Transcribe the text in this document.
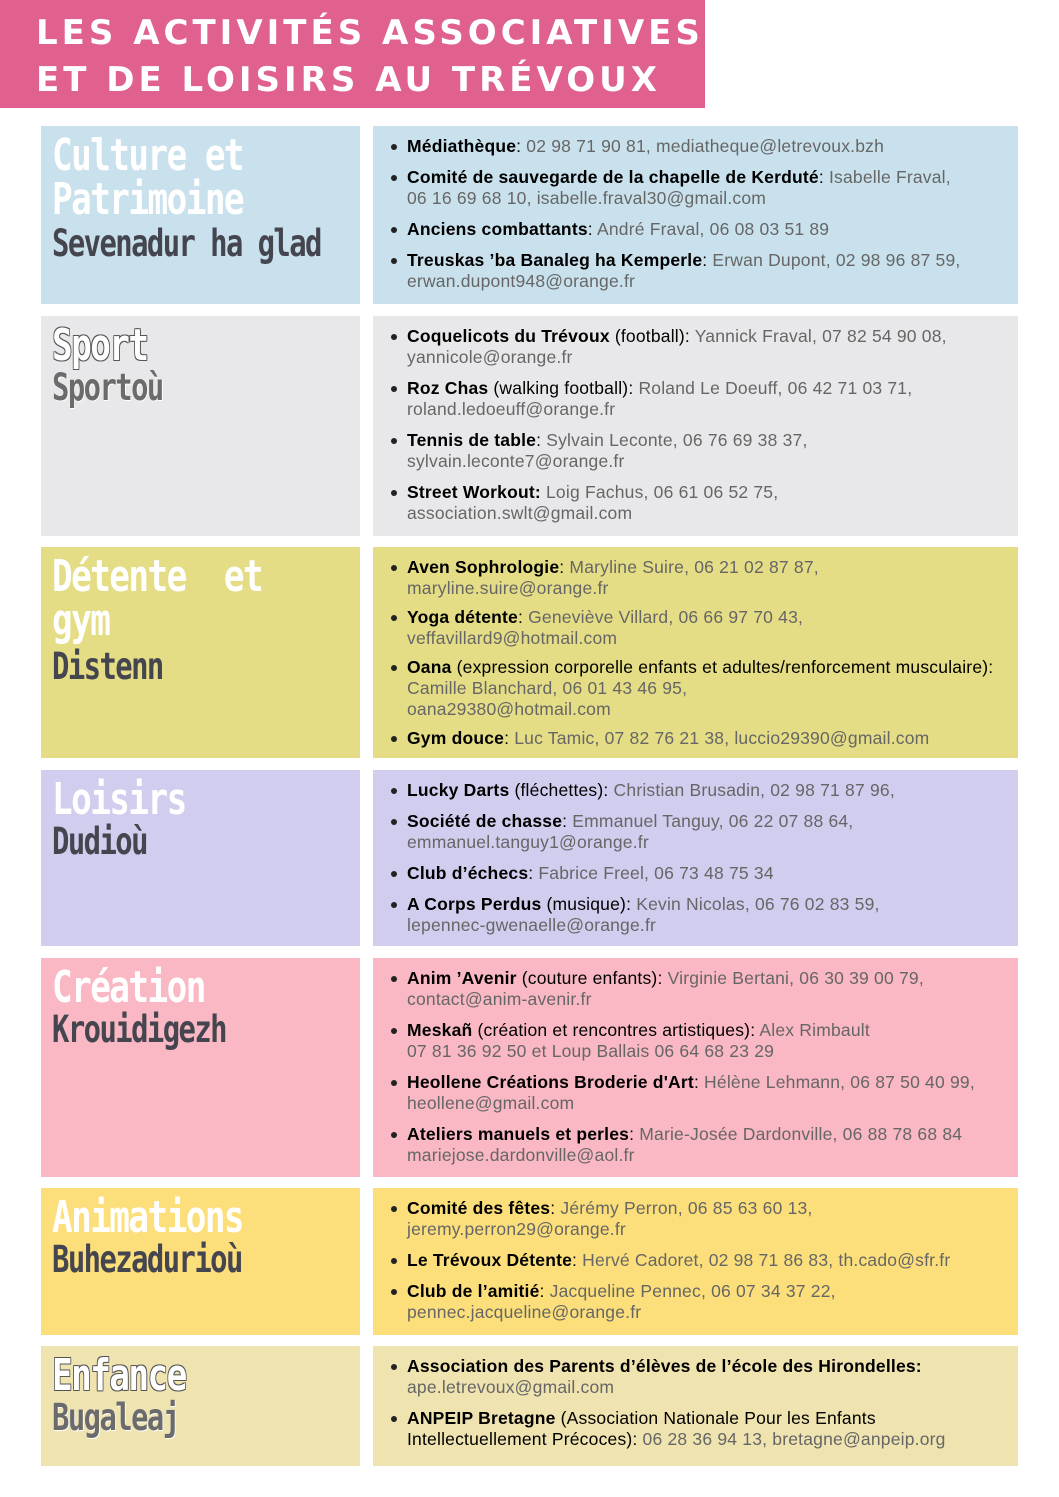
LES ACTIVITÉS ASSOCIATIVES
ET DE LOISIRS AU TRÉVOUX
Culture et
Patrimoine
Sevenadur ha glad
Médiathèque: 02 98 71 90 81, mediatheque@letrevoux.bzh
Comité de sauvegarde de la chapelle de Kerduté: Isabelle Fraval,
06 16 69 68 10, isabelle.fraval30@gmail.com
Anciens combattants: André Fraval, 06 08 03 51 89
Treuskas ’ba Banaleg ha Kemperle: Erwan Dupont, 02 98 96 87 59,
erwan.dupont948@orange.fr
Sport
Sportoù
Coquelicots du Trévoux (football): Yannick Fraval, 07 82 54 90 08,
yannicole@orange.fr
Roz Chas (walking football): Roland Le Doeuff, 06 42 71 03 71,
roland.ledoeuff@orange.fr
Tennis de table: Sylvain Leconte, 06 76 69 38 37,
sylvain.leconte7@orange.fr
Street Workout: Loig Fachus, 06 61 06 52 75,
association.swlt@gmail.com
Détente  et
gym
Distenn
Aven Sophrologie: Maryline Suire, 06 21 02 87 87,
maryline.suire@orange.fr
Yoga détente: Geneviève Villard, 06 66 97 70 43,
veffavillard9@hotmail.com
Oana (expression corporelle enfants et adultes/renforcement musculaire): Camille Blanchard, 06 01 43 46 95,
oana29380@hotmail.com
Gym douce: Luc Tamic, 07 82 76 21 38, luccio29390@gmail.com
Loisirs
Dudioù
Lucky Darts (fléchettes): Christian Brusadin, 02 98 71 87 96,
Société de chasse: Emmanuel Tanguy, 06 22 07 88 64,
emmanuel.tanguy1@orange.fr
Club d’échecs: Fabrice Freel, 06 73 48 75 34
A Corps Perdus (musique): Kevin Nicolas, 06 76 02 83 59,
lepennec-gwenaelle@orange.fr
Création
Krouidigezh
Anim ’Avenir (couture enfants): Virginie Bertani, 06 30 39 00 79,
contact@anim-avenir.fr
Meskañ (création et rencontres artistiques): Alex Rimbault
07 81 36 92 50 et Loup Ballais 06 64 68 23 29
Heollene Créations Broderie d'Art: Hélène Lehmann, 06 87 50 40 99,
heollene@gmail.com
Ateliers manuels et perles: Marie-Josée Dardonville, 06 88 78 68 84
mariejose.dardonville@aol.fr
Animations
Buhezadurioù
Comité des fêtes: Jérémy Perron, 06 85 63 60 13,
jeremy.perron29@orange.fr
Le Trévoux Détente: Hervé Cadoret, 02 98 71 86 83, th.cado@sfr.fr
Club de l’amitié: Jacqueline Pennec, 06 07 34 37 22,
pennec.jacqueline@orange.fr
Enfance
Bugaleaj
Association des Parents d’élèves de l’école des Hirondelles:
ape.letrevoux@gmail.com
ANPEIP Bretagne (Association Nationale Pour les Enfants Intellectuellement Précoces): 06 28 36 94 13, bretagne@anpeip.org
